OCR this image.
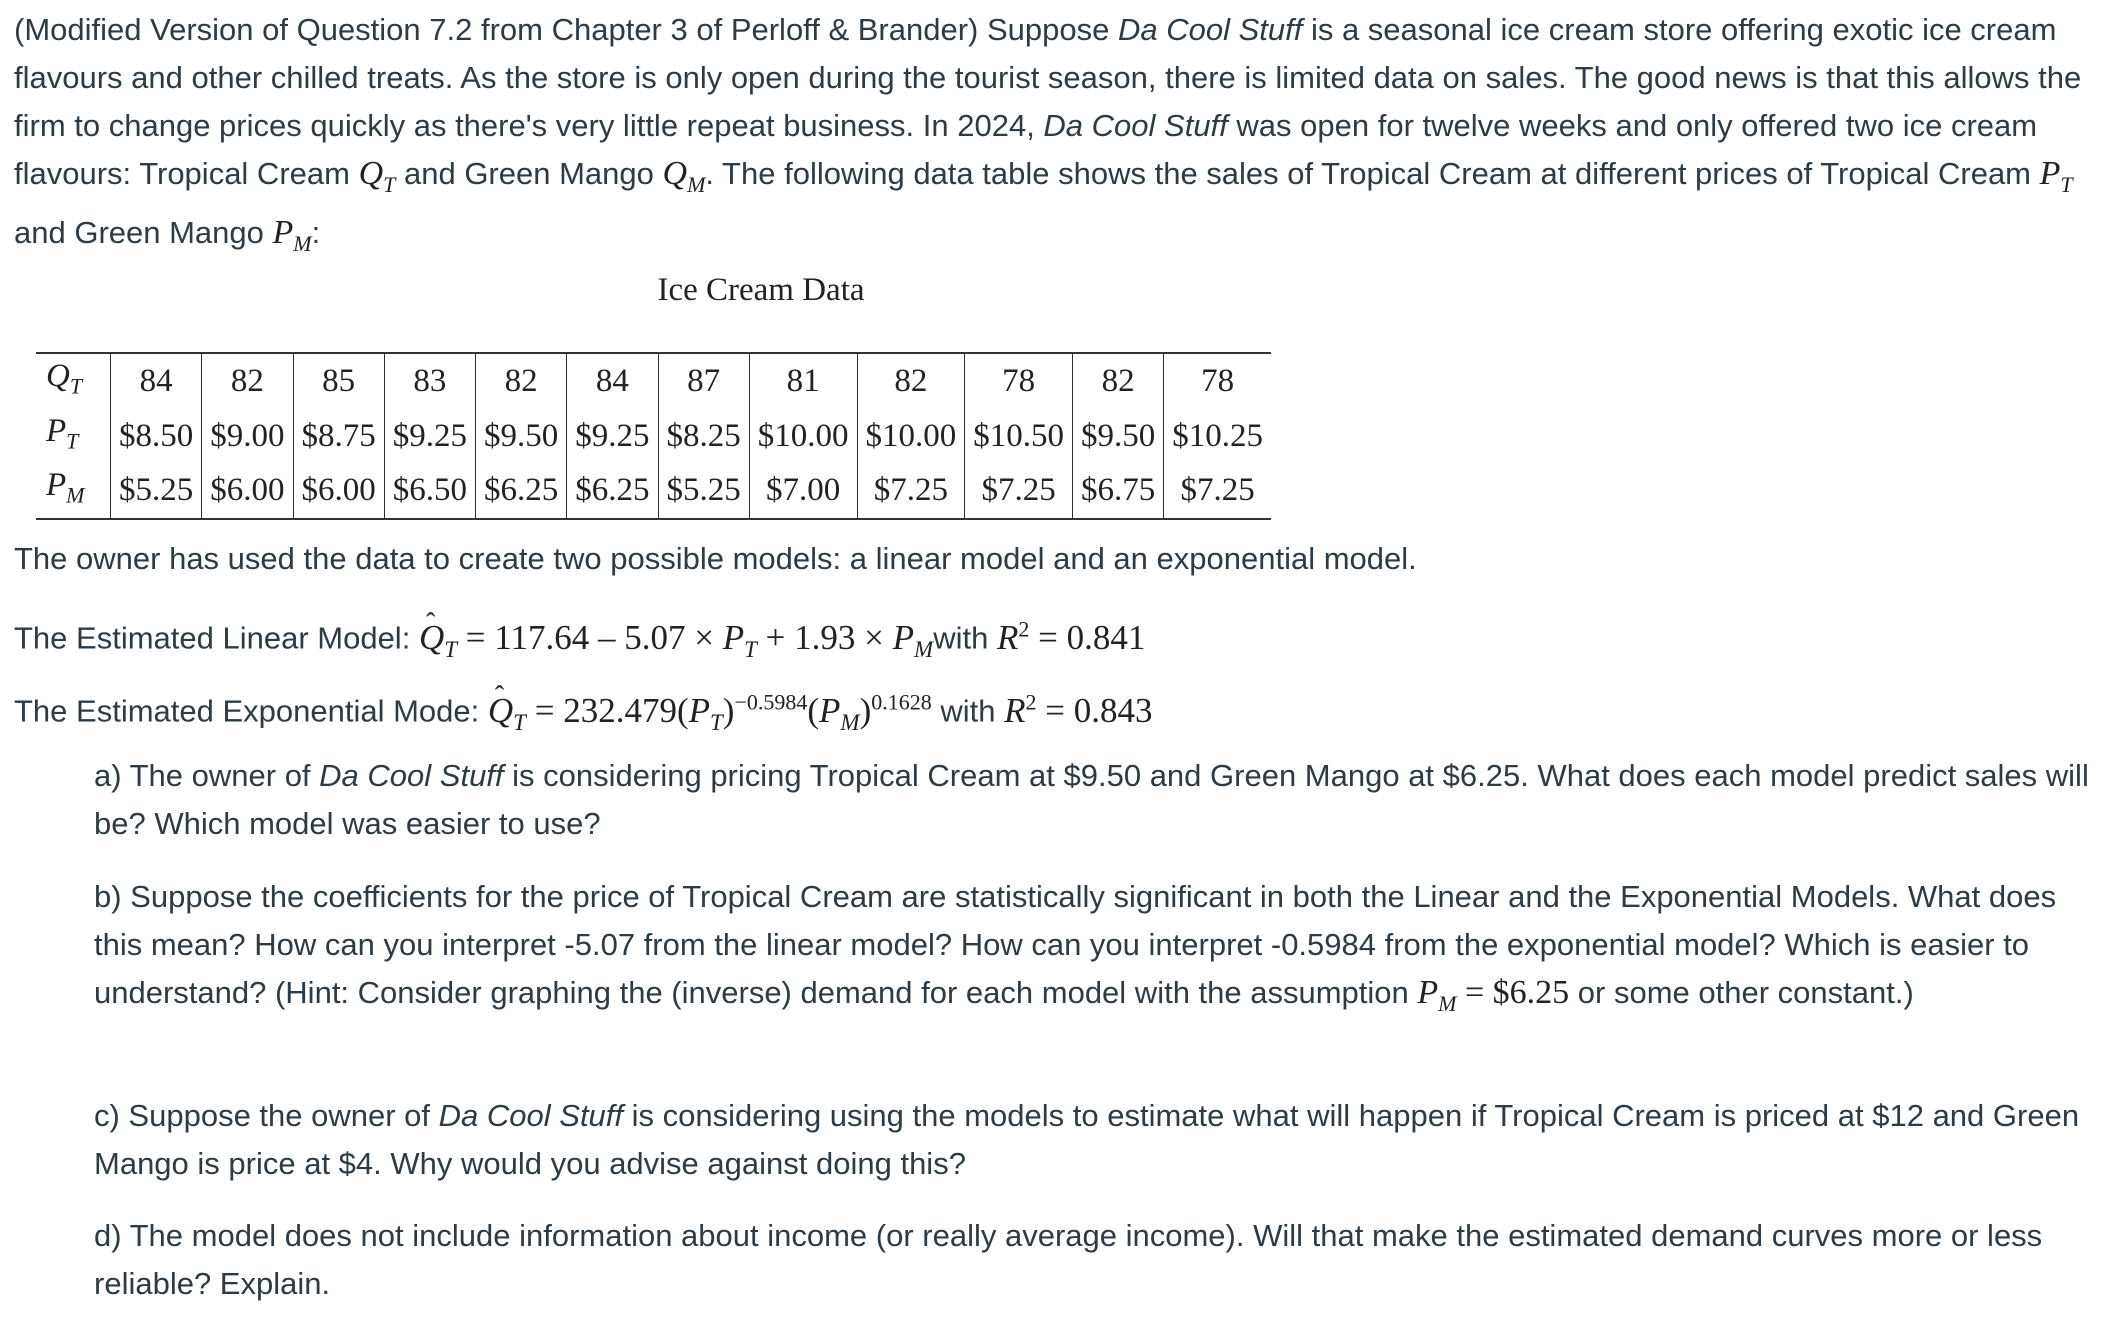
(Modified Version of Question 7.2 from Chapter 3 of Perloff & Brander) Suppose Da Cool Stuff is a seasonal ice cream store offering exotic ice cream flavours and other chilled treats. As the store is only open during the tourist season, there is limited data on sales. The good news is that this allows the firm to change prices quickly as there's very little repeat business. In 2024, Da Cool Stuff was open for twelve weeks and only offered two ice cream flavours: Tropical Cream $Q_T$ and Green Mango $Q_M$. The following data table shows the sales of Tropical Cream at different prices of Tropical Cream $P_T$ and Green Mango $P_M$:

Ice Cream Data

$Q_T$	84	82	85	83	82	84	87	81	82	78	82	78
$P_T$	$8.50	$9.00	$8.75	$9.25	$9.50	$9.25	$8.25	$10.00	$10.00	$10.50	$9.50	$10.25
$P_M$	$5.25	$6.00	$6.00	$6.50	$6.25	$6.25	$5.25	$7.00	$7.25	$7.25	$6.75	$7.25

The owner has used the data to create two possible models: a linear model and an exponential model.

The Estimated Linear Model: ˆ $Q_T = 117.64 - 5.07 \times P_T + 1.93$ × $P_Mwith$ $R^2 = 0.841$

The Estimated Exponential Mode: ˆ $Q_T = 232.479(P_T)^{-0.5984}(P_M)^{0.1628}$ with $R^2 = 0.843$

a) The owner of Da Cool Stuff is considering pricing Tropical Cream at $9.50 and Green Mango at $6.25. What does each model predict sales will be? Which model was easier to use?

b) Suppose the coefficients for the price of Tropical Cream are statistically significant in both the Linear and the Exponential Models. What does this mean? How can you interpret -5.07 from the linear model? How can you interpret -0.5984 from the exponential model? Which is easier to understand? (Hint: Consider graphing the (inverse) demand for each model with the assumption $P_M$ = $6.25 or some other constant.)

c) Suppose the owner of Da Cool Stuff is considering using the models to estimate what will happen if Tropical Cream is priced at $12 and Green Mango is price at $4. Why would you advise against doing this?

d) The model does not include information about income (or really average income). Will that make the estimated demand curves more or less reliable? Explain.
